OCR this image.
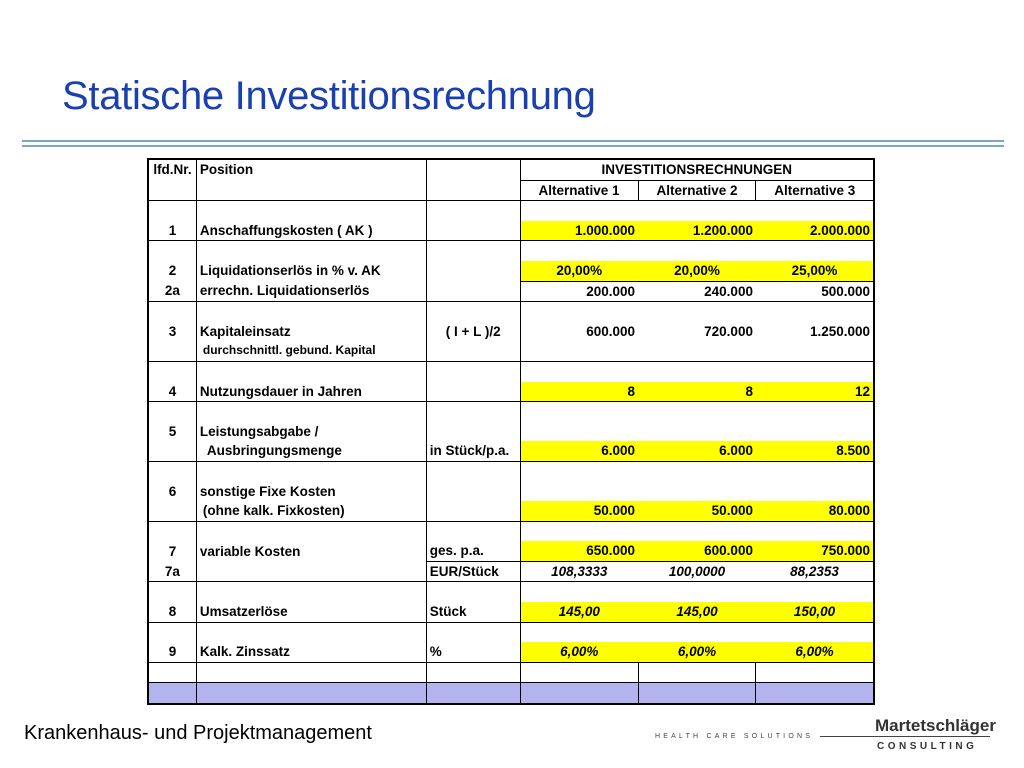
Statische Investitionsrechnung
lfd.Nr.	Position		INVESTITIONSRECHNUNGEN		
			Alternative 1	Alternative 2	Alternative 3

1	Anschaffungskosten ( AK )		1.000.000	1.200.000	2.000.000

2	Liquidationserlös in % v. AK		20,00%	20,00%	25,00%
2a	errechn. Liquidationserlös		200.000	240.000	500.000

3	Kapitaleinsatz	( I + L )/2	600.000	720.000	1.250.000
	durchschnittl. gebund. Kapital				

4	Nutzungsdauer in Jahren		8	8	12

5	Leistungsabgabe /				
	Ausbringungsmenge	in Stück/p.a.	6.000	6.000	8.500

6	sonstige Fixe Kosten				
	(ohne kalk. Fixkosten)		50.000	50.000	80.000

7	variable Kosten	ges. p.a.	650.000	600.000	750.000
7a		EUR/Stück	108,3333	100,0000	88,2353

8	Umsatzerlöse	Stück	145,00	145,00	150,00

9	Kalk. Zinssatz	%	6,00%	6,00%	6,00%

Krankenhaus- und Projektmanagement	HEALTH CARE SOLUTIONS
Martetschläger
CONSULTING
